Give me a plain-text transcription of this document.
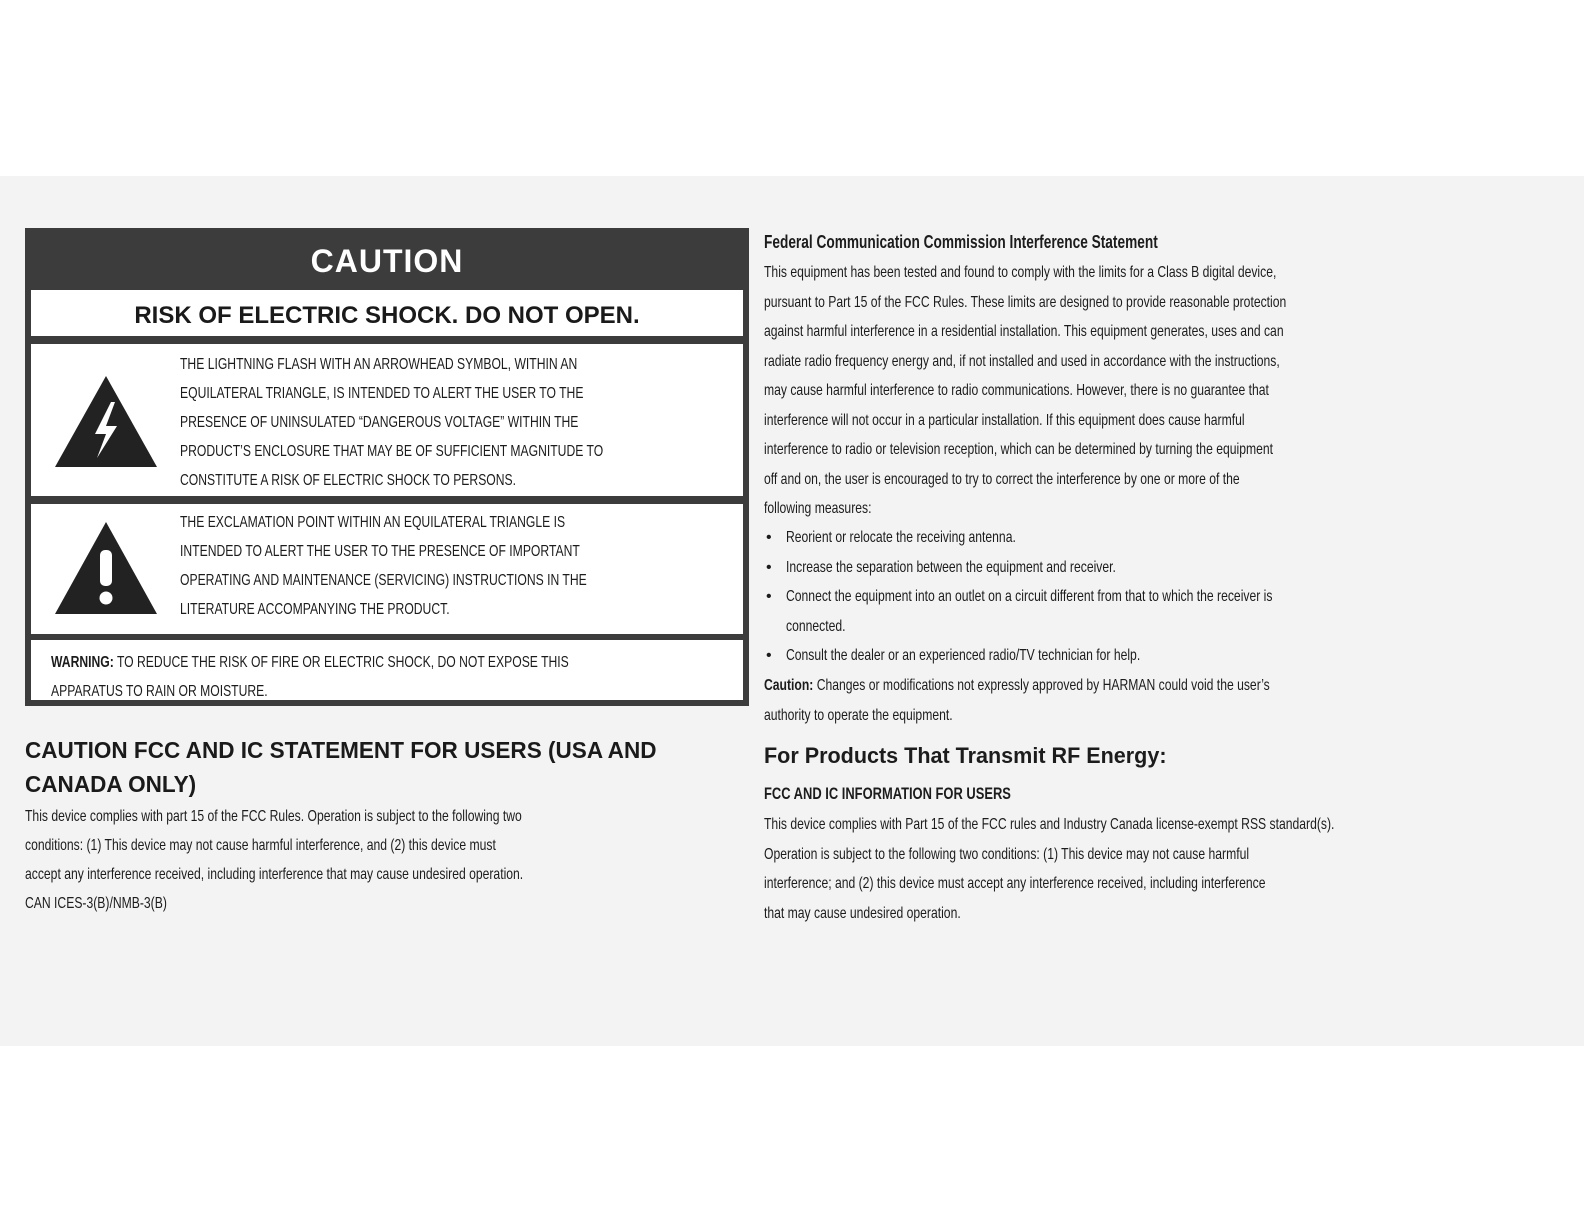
CAUTION
RISK OF ELECTRIC SHOCK. DO NOT OPEN.
THE LIGHTNING FLASH WITH AN ARROWHEAD SYMBOL, WITHIN AN
EQUILATERAL TRIANGLE, IS INTENDED TO ALERT THE USER TO THE
PRESENCE OF UNINSULATED “DANGEROUS VOLTAGE” WITHIN THE
PRODUCT’S ENCLOSURE THAT MAY BE OF SUFFICIENT MAGNITUDE TO
CONSTITUTE A RISK OF ELECTRIC SHOCK TO PERSONS.
THE EXCLAMATION POINT WITHIN AN EQUILATERAL TRIANGLE IS
INTENDED TO ALERT THE USER TO THE PRESENCE OF IMPORTANT
OPERATING AND MAINTENANCE (SERVICING) INSTRUCTIONS IN THE
LITERATURE ACCOMPANYING THE PRODUCT.
WARNING: TO REDUCE THE RISK OF FIRE OR ELECTRIC SHOCK, DO NOT EXPOSE THIS
APPARATUS TO RAIN OR MOISTURE.
CAUTION FCC AND IC STATEMENT FOR USERS (USA AND
CANADA ONLY)
This device complies with part 15 of the FCC Rules. Operation is subject to the following two
conditions: (1) This device may not cause harmful interference, and (2) this device must
accept any interference received, including interference that may cause undesired operation.
CAN ICES-3(B)/NMB-3(B)
Federal Communication Commission Interference Statement
This equipment has been tested and found to comply with the limits for a Class B digital device,
pursuant to Part 15 of the FCC Rules. These limits are designed to provide reasonable protection
against harmful interference in a residential installation. This equipment generates, uses and can
radiate radio frequency energy and, if not installed and used in accordance with the instructions,
may cause harmful interference to radio communications. However, there is no guarantee that
interference will not occur in a particular installation. If this equipment does cause harmful
interference to radio or television reception, which can be determined by turning the equipment
off and on, the user is encouraged to try to correct the interference by one or more of the
following measures:
• Reorient or relocate the receiving antenna.
• Increase the separation between the equipment and receiver.
• Connect the equipment into an outlet on a circuit different from that to which the receiver is
connected.
• Consult the dealer or an experienced radio/TV technician for help.
Caution: Changes or modifications not expressly approved by HARMAN could void the user’s
authority to operate the equipment.
For Products That Transmit RF Energy:
FCC AND IC INFORMATION FOR USERS
This device complies with Part 15 of the FCC rules and Industry Canada license-exempt RSS standard(s).
Operation is subject to the following two conditions: (1) This device may not cause harmful
interference; and (2) this device must accept any interference received, including interference
that may cause undesired operation.
